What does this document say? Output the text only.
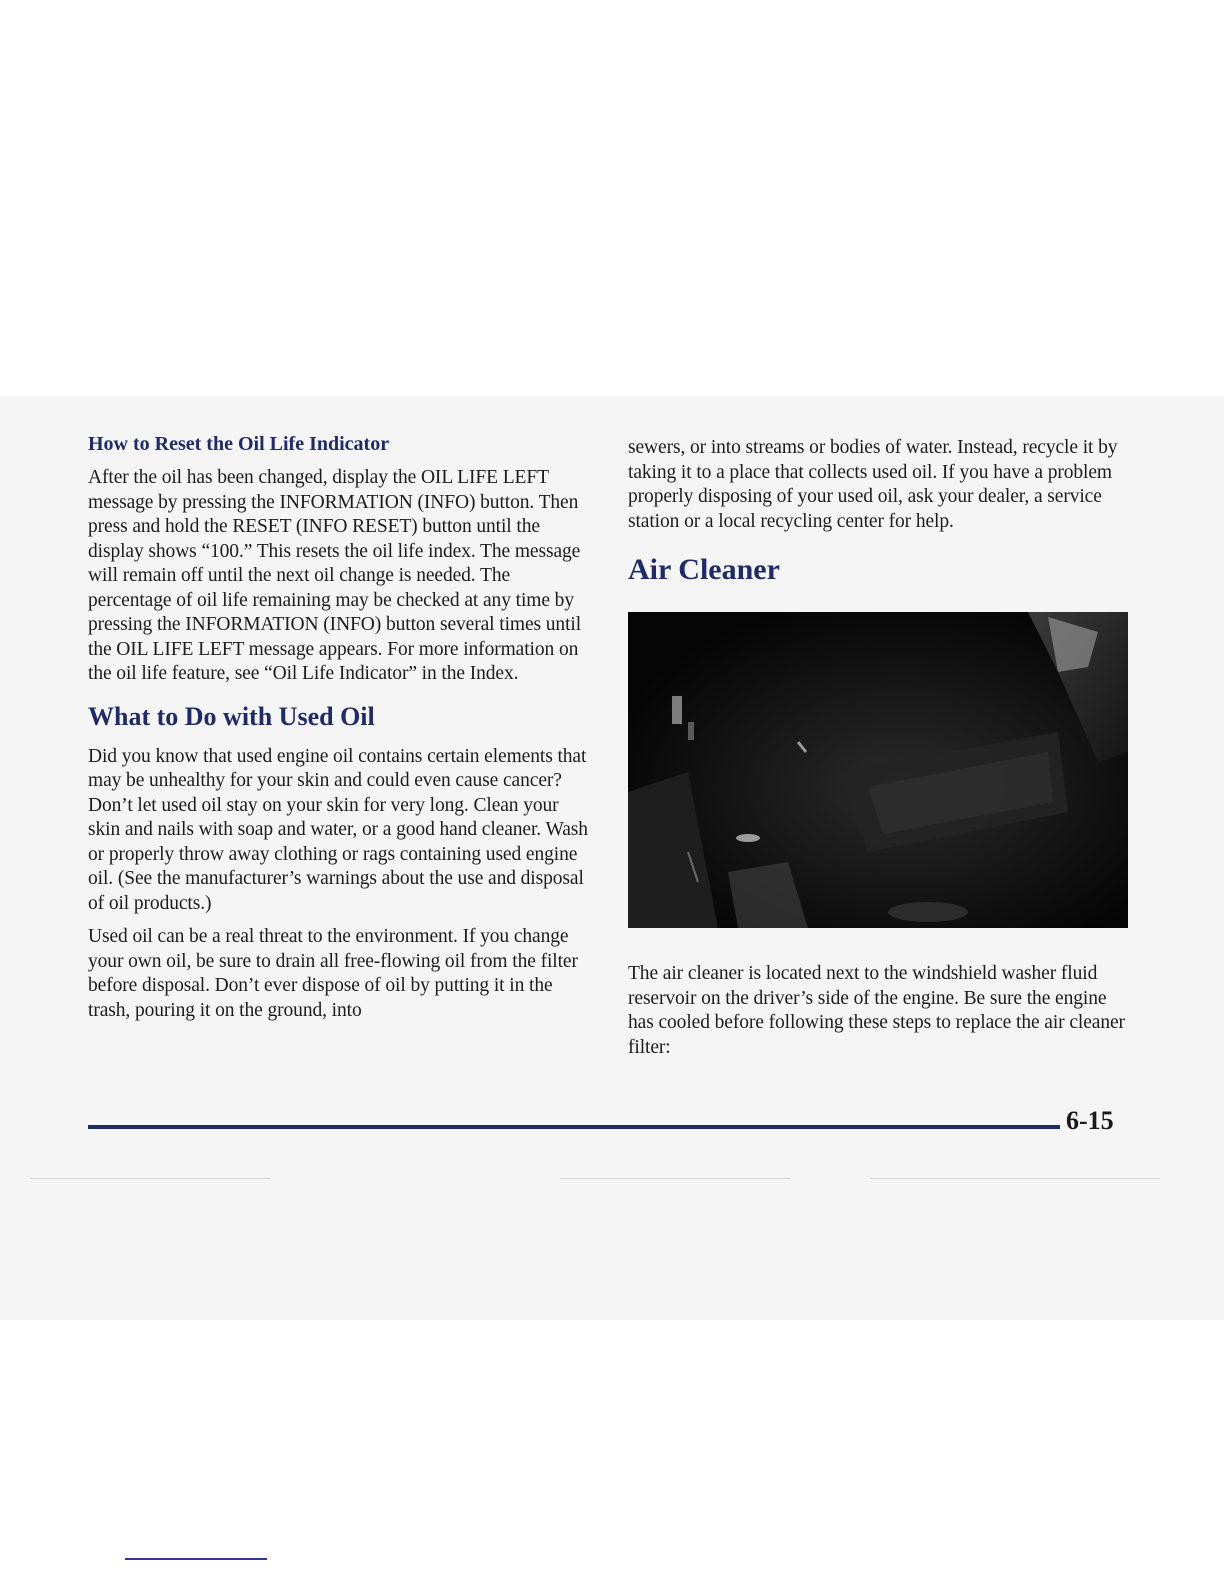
How to Reset the Oil Life Indicator

After the oil has been changed, display the OIL LIFE LEFT message by pressing the INFORMATION (INFO) button. Then press and hold the RESET (INFO RESET) button until the display shows “100.” This resets the oil life index. The message will remain off until the next oil change is needed. The percentage of oil life remaining may be checked at any time by pressing the INFORMATION (INFO) button several times until the OIL LIFE LEFT message appears. For more information on the oil life feature, see “Oil Life Indicator” in the Index.

What to Do with Used Oil

Did you know that used engine oil contains certain elements that may be unhealthy for your skin and could even cause cancer? Don’t let used oil stay on your skin for very long. Clean your skin and nails with soap and water, or a good hand cleaner. Wash or properly throw away clothing or rags containing used engine oil. (See the manufacturer’s warnings about the use and disposal of oil products.)

Used oil can be a real threat to the environment. If you change your own oil, be sure to drain all free-flowing oil from the filter before disposal. Don’t ever dispose of oil by putting it in the trash, pouring it on the ground, into

sewers, or into streams or bodies of water. Instead, recycle it by taking it to a place that collects used oil. If you have a problem properly disposing of your used oil, ask your dealer, a service station or a local recycling center for help.

Air Cleaner

The air cleaner is located next to the windshield washer fluid reservoir on the driver’s side of the engine. Be sure the engine has cooled before following these steps to replace the air cleaner filter:

6-15
